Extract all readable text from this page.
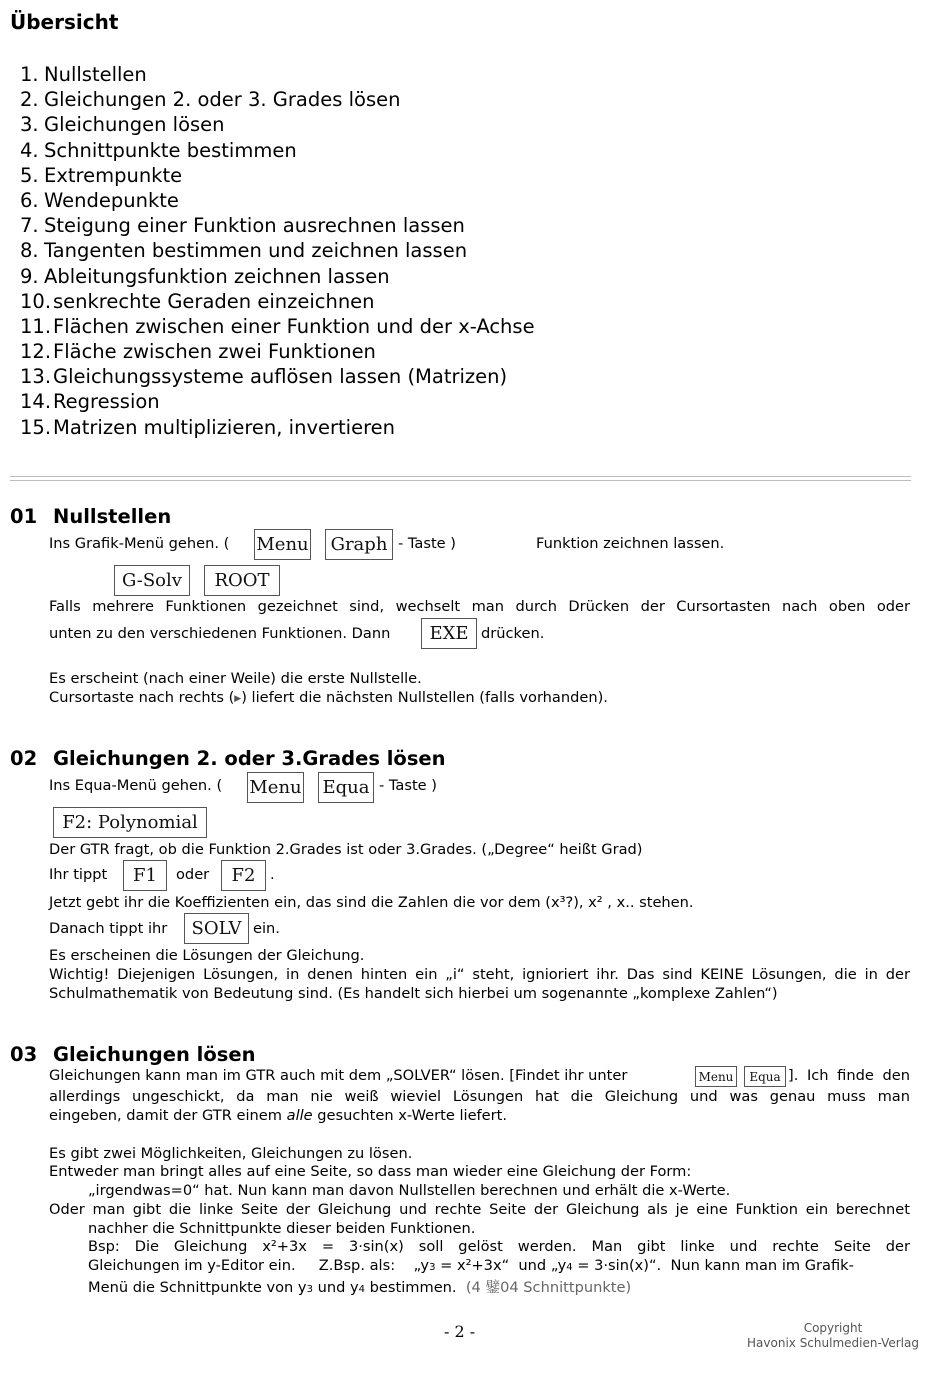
Übersicht
1. Nullstellen
2. Gleichungen 2. oder 3. Grades lösen
3. Gleichungen lösen
4. Schnittpunkte bestimmen
5. Extrempunkte
6. Wendepunkte
7. Steigung einer Funktion ausrechnen lassen
8. Tangenten bestimmen und zeichnen lassen
9. Ableitungsfunktion zeichnen lassen
10. senkrechte Geraden einzeichnen
11. Flächen zwischen einer Funktion und der x-Achse
12. Fläche zwischen zwei Funktionen
13. Gleichungssysteme auflösen lassen (Matrizen)
14. Regression
15. Matrizen multiplizieren, invertieren
01 Nullstellen
Ins Grafik-Menü gehen. ( Menu	Graph - Taste )	Funktion zeichnen lassen.
G-Solv	ROOT
Falls mehrere Funktionen gezeichnet sind, wechselt man durch Drücken der Cursortasten nach oben oder
unten zu den verschiedenen Funktionen. Dann	EXE drücken.
Es erscheint (nach einer Weile) die erste Nullstelle.
Cursortaste nach rechts (▶) liefert die nächsten Nullstellen (falls vorhanden).
02 Gleichungen 2. oder 3.Grades lösen
Ins Equa-Menü gehen. ( Menu Equa - Taste )
F2: Polynomial
Der GTR fragt, ob die Funktion 2.Grades ist oder 3.Grades. („Degree“ heißt Grad)
Ihr tippt	F1	oder	F2 .
Jetzt gebt ihr die Koeffizienten ein, das sind die Zahlen die vor dem (x³?), x² , x.. stehen.
Danach tippt ihr	SOLV ein.
Es erscheinen die Lösungen der Gleichung.
Wichtig! Diejenigen Lösungen, in denen hinten ein „i“ steht, ignioriert ihr. Das sind KEINE Lösungen, die in der
Schulmathematik von Bedeutung sind. (Es handelt sich hierbei um sogenannte „komplexe Zahlen“)
03 Gleichungen lösen
Gleichungen kann man im GTR auch mit dem „SOLVER“ lösen. [Findet ihr unter	Menu	Equa ]. Ich finde den
allerdings ungeschickt, da man nie weiß wieviel Lösungen hat die Gleichung und was genau muss man
eingeben, damit der GTR einem alle gesuchten x-Werte liefert.
Es gibt zwei Möglichkeiten, Gleichungen zu lösen.
Entweder man bringt alles auf eine Seite, so dass man wieder eine Gleichung der Form:
„irgendwas=0“ hat. Nun kann man davon Nullstellen berechnen und erhält die x-Werte.
Oder man gibt die linke Seite der Gleichung und rechte Seite der Gleichung als je eine Funktion ein berechnet
nachher die Schnittpunkte dieser beiden Funktionen.
Bsp: Die Gleichung x²+3x = 3·sin(x) soll gelöst werden. Man gibt linke und rechte Seite der
Gleichungen im y-Editor ein.     Z.Bsp. als:    „y3 = x²+3x“  und „y4 = 3·sin(x)“.  Nun kann man im Grafik-
Menü die Schnittpunkte von y3 und y4 bestimmen. (4 鐾04 Schnittpunkte)
- 2 -	Copyright
Havonix Schulmedien-Verlag
